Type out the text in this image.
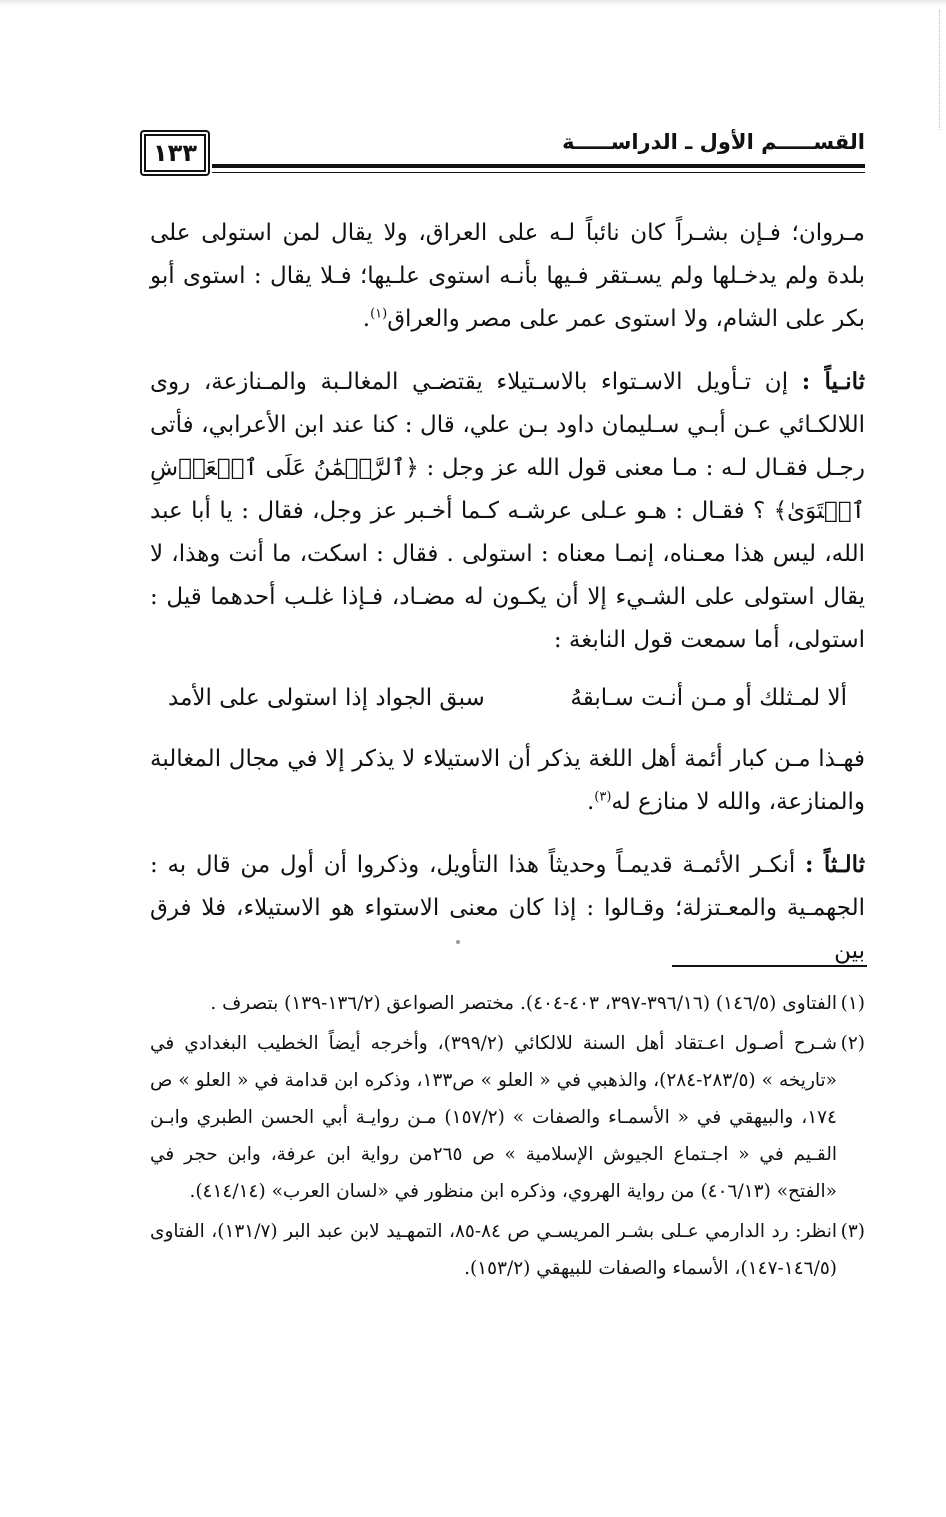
١٣٣	القســـــم الأول ـ الدراســـــة

مـروان؛ فـإن بشـراً كان نائباً لـه على العراق، ولا يقال لمن استولى على بلدة ولم يدخـلها ولم يسـتقر فـيها بأنـه استوى علـيها؛ فـلا يقال : استوى أبو بكر على الشام، ولا استوى عمر على مصر والعراق$^{(١)}$.

ثانـياً : إن تـأويل الاسـتواء بالاسـتيلاء يقتضـي المغالـبة والمـنازعة، روى اللالكـائي عـن أبـي سـليمان داود بـن علي، قال : كنا عند ابن الأعرابي، فأتى رجـل فقـال لـه : مـا معنى قول الله عز وجل : ﴿ٱلرَّحۡمَٰنُ عَلَى ٱلۡعَرۡشِ ٱسۡتَوَىٰ﴾ ؟ فقـال : هـو عـلى عرشـه كـما أخـبر عز وجل، فقال : يا أبا عبد الله، ليس هذا معـناه، إنمـا معناه : استولى . فقال : اسكت، ما أنت وهذا، لا يقال استولى على الشـيء إلا أن يكـون له مضـاد، فـإذا غلـب أحدهما قيل : استولى، أما سمعت قول النابغة :

ألا لمـثلك أو مـن أنـت سـابقهُ
سبق الجواد إذا استولى على الأمد

فهـذا مـن كبار أئمة أهل اللغة يذكر أن الاستيلاء لا يذكر إلا في مجال المغالبة والمنازعة، والله لا منازع له$^{(٣)}$.

ثالـثاً : أنكـر الأئمـة قديمـاً وحديثاً هذا التأويل، وذكروا أن أول من قال به : الجهمـية والمعـتزلة؛ وقـالوا : إذا كان معنى الاستواء هو الاستيلاء، فلا فرق بين

(١)
الفتاوى (١٤٦/٥) (٣٩٦/١٦-٣٩٧، ٤٠٣-٤٠٤). مختصر الصواعق (١٣٦/٢-١٣٩) بتصرف .
(٢)
شـرح أصـول اعـتقاد أهل السنة للالكائي (٣٩٩/٢)، وأخرجه أيضاً الخطيب البغدادي في «تاريخه » (٢٨٣/٥-٢٨٤)، والذهبي في « العلو » ص١٣٣، وذكره ابن قدامة في « العلو » ص ١٧٤، والبيهقي في « الأسمـاء والصفات » (١٥٧/٢) مـن روايـة أبي الحسن الطبري وابـن القـيم في « اجـتماع الجيوش الإسلامية » ص ٢٦٥من رواية ابن عرفة، وابن حجر في «الفتح» (٤٠٦/١٣) من رواية الهروي، وذكره ابن منظور في «لسان العرب» (٤١٤/١٤).
(٣)
انظر: رد الدارمي عـلى بشـر المريسـي ص ٨٤-٨٥، التمهـيد لابن عبد البر (١٣١/٧)، الفتاوى (١٤٦/٥-١٤٧)، الأسماء والصفات للبيهقي (١٥٣/٢).
